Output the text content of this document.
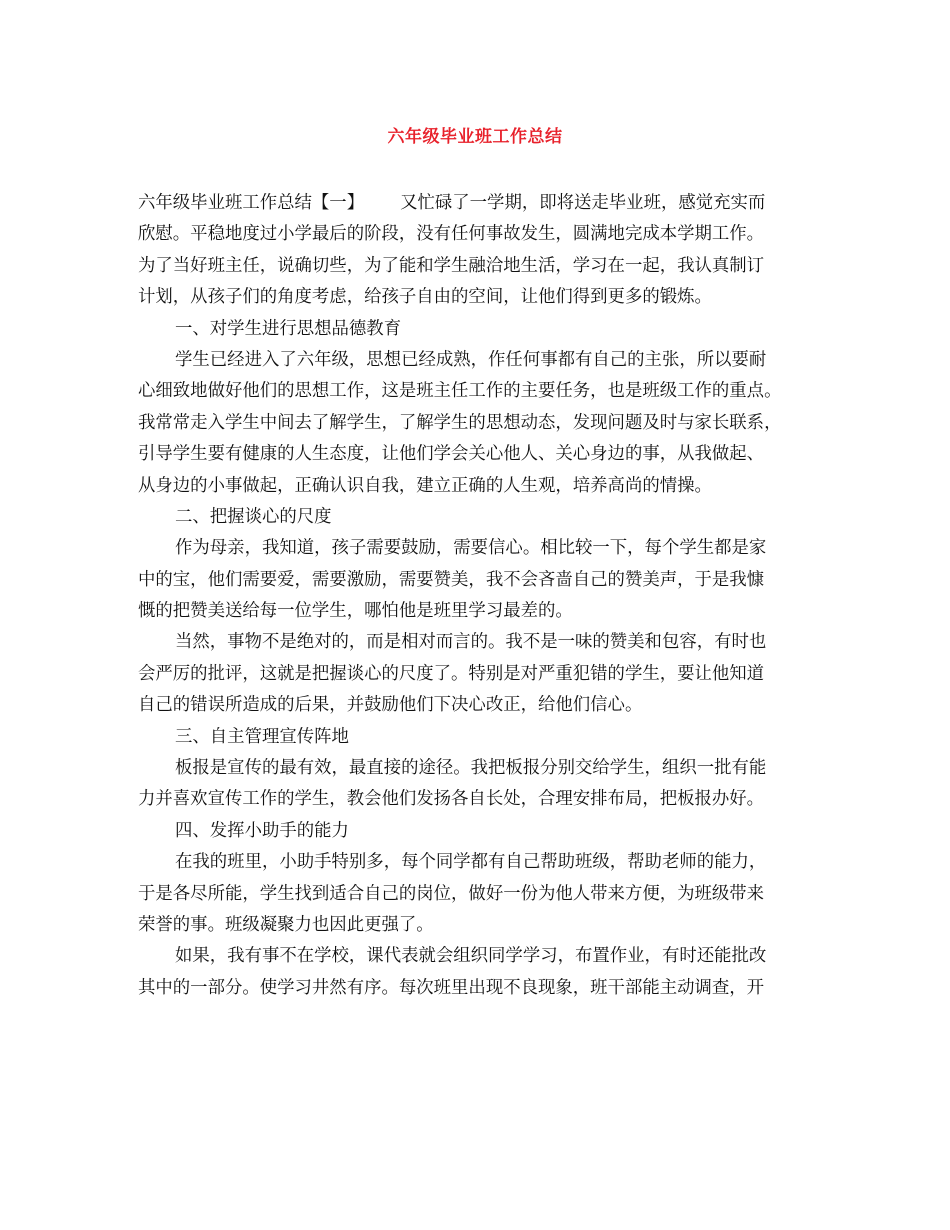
六年级毕业班工作总结
六年级毕业班工作总结【一】 又忙碌了一学期，即将送走毕业班，感觉充实而
欣慰。平稳地度过小学最后的阶段，没有任何事故发生，圆满地完成本学期工作。
为了当好班主任，说确切些，为了能和学生融洽地生活，学习在一起，我认真制订
计划，从孩子们的角度考虑，给孩子自由的空间，让他们得到更多的锻炼。
一、对学生进行思想品德教育
学生已经进入了六年级，思想已经成熟，作任何事都有自己的主张，所以要耐
心细致地做好他们的思想工作，这是班主任工作的主要任务，也是班级工作的重点。
我常常走入学生中间去了解学生，了解学生的思想动态，发现问题及时与家长联系，
引导学生要有健康的人生态度，让他们学会关心他人、关心身边的事，从我做起、
从身边的小事做起，正确认识自我，建立正确的人生观，培养高尚的情操。
二、把握谈心的尺度
作为母亲，我知道，孩子需要鼓励，需要信心。相比较一下，每个学生都是家
中的宝，他们需要爱，需要激励，需要赞美，我不会吝啬自己的赞美声，于是我慷
慨的把赞美送给每一位学生，哪怕他是班里学习最差的。
当然，事物不是绝对的，而是相对而言的。我不是一味的赞美和包容，有时也
会严厉的批评，这就是把握谈心的尺度了。特别是对严重犯错的学生，要让他知道
自己的错误所造成的后果，并鼓励他们下决心改正，给他们信心。
三、自主管理宣传阵地
板报是宣传的最有效，最直接的途径。我把板报分别交给学生，组织一批有能
力并喜欢宣传工作的学生，教会他们发扬各自长处，合理安排布局，把板报办好。
四、发挥小助手的能力
在我的班里，小助手特别多，每个同学都有自己帮助班级，帮助老师的能力，
于是各尽所能，学生找到适合自己的岗位，做好一份为他人带来方便，为班级带来
荣誉的事。班级凝聚力也因此更强了。
如果，我有事不在学校，课代表就会组织同学学习，布置作业，有时还能批改
其中的一部分。使学习井然有序。每次班里出现不良现象，班干部能主动调查，开
